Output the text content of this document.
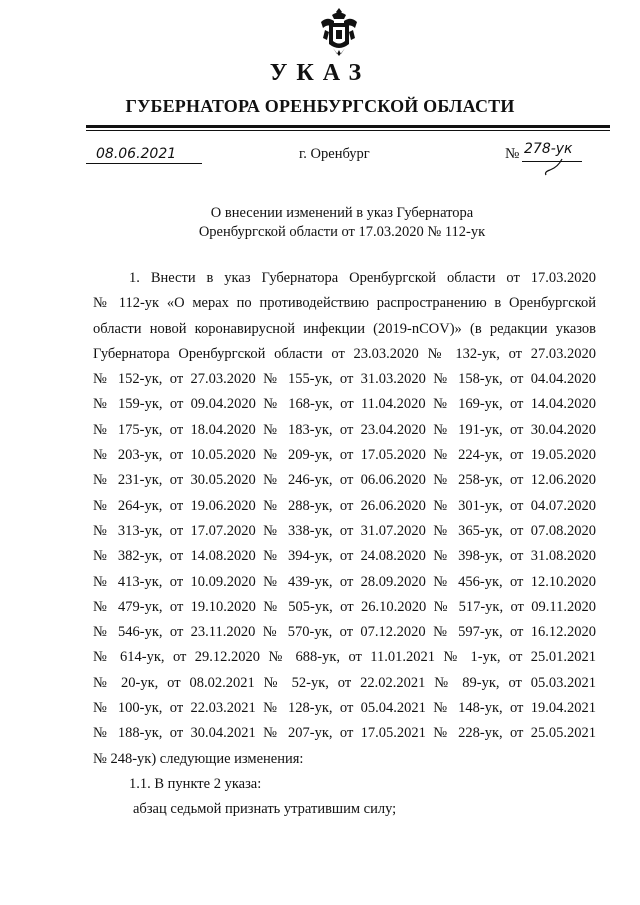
УКАЗ
ГУБЕРНАТОРА ОРЕНБУРГСКОЙ ОБЛАСТИ
08.06.2021	г. Оренбург	№ 278-ук
О внесении изменений в указ Губернатора
Оренбургской области от 17.03.2020 № 112-ук
1. Внести в указ Губернатора Оренбургской области от 17.03.2020
№ 112-ук «О мерах по противодействию распространению в Оренбургской
области новой коронавирусной инфекции (2019-nCOV)» (в редакции указов
Губернатора Оренбургской области от 23.03.2020 № 132-ук, от 27.03.2020
№ 152-ук, от 27.03.2020 № 155-ук, от 31.03.2020 № 158-ук, от 04.04.2020
№ 159-ук, от 09.04.2020 № 168-ук, от 11.04.2020 № 169-ук, от 14.04.2020
№ 175-ук, от 18.04.2020 № 183-ук, от 23.04.2020 № 191-ук, от 30.04.2020
№ 203-ук, от 10.05.2020 № 209-ук, от 17.05.2020 № 224-ук, от 19.05.2020
№ 231-ук, от 30.05.2020 № 246-ук, от 06.06.2020 № 258-ук, от 12.06.2020
№ 264-ук, от 19.06.2020 № 288-ук, от 26.06.2020 № 301-ук, от 04.07.2020
№ 313-ук, от 17.07.2020 № 338-ук, от 31.07.2020 № 365-ук, от 07.08.2020
№ 382-ук, от 14.08.2020 № 394-ук, от 24.08.2020 № 398-ук, от 31.08.2020
№ 413-ук, от 10.09.2020 № 439-ук, от 28.09.2020 № 456-ук, от 12.10.2020
№ 479-ук, от 19.10.2020 № 505-ук, от 26.10.2020 № 517-ук, от 09.11.2020
№ 546-ук, от 23.11.2020 № 570-ук, от 07.12.2020 № 597-ук, от 16.12.2020
№ 614-ук, от 29.12.2020 № 688-ук, от 11.01.2021 № 1-ук, от 25.01.2021
№ 20-ук, от 08.02.2021 № 52-ук, от 22.02.2021 № 89-ук, от 05.03.2021
№ 100-ук, от 22.03.2021 № 128-ук, от 05.04.2021 № 148-ук, от 19.04.2021
№ 188-ук, от 30.04.2021 № 207-ук, от 17.05.2021 № 228-ук, от 25.05.2021
№ 248-ук) следующие изменения:
1.1. В пункте 2 указа:
абзац седьмой признать утратившим силу;
